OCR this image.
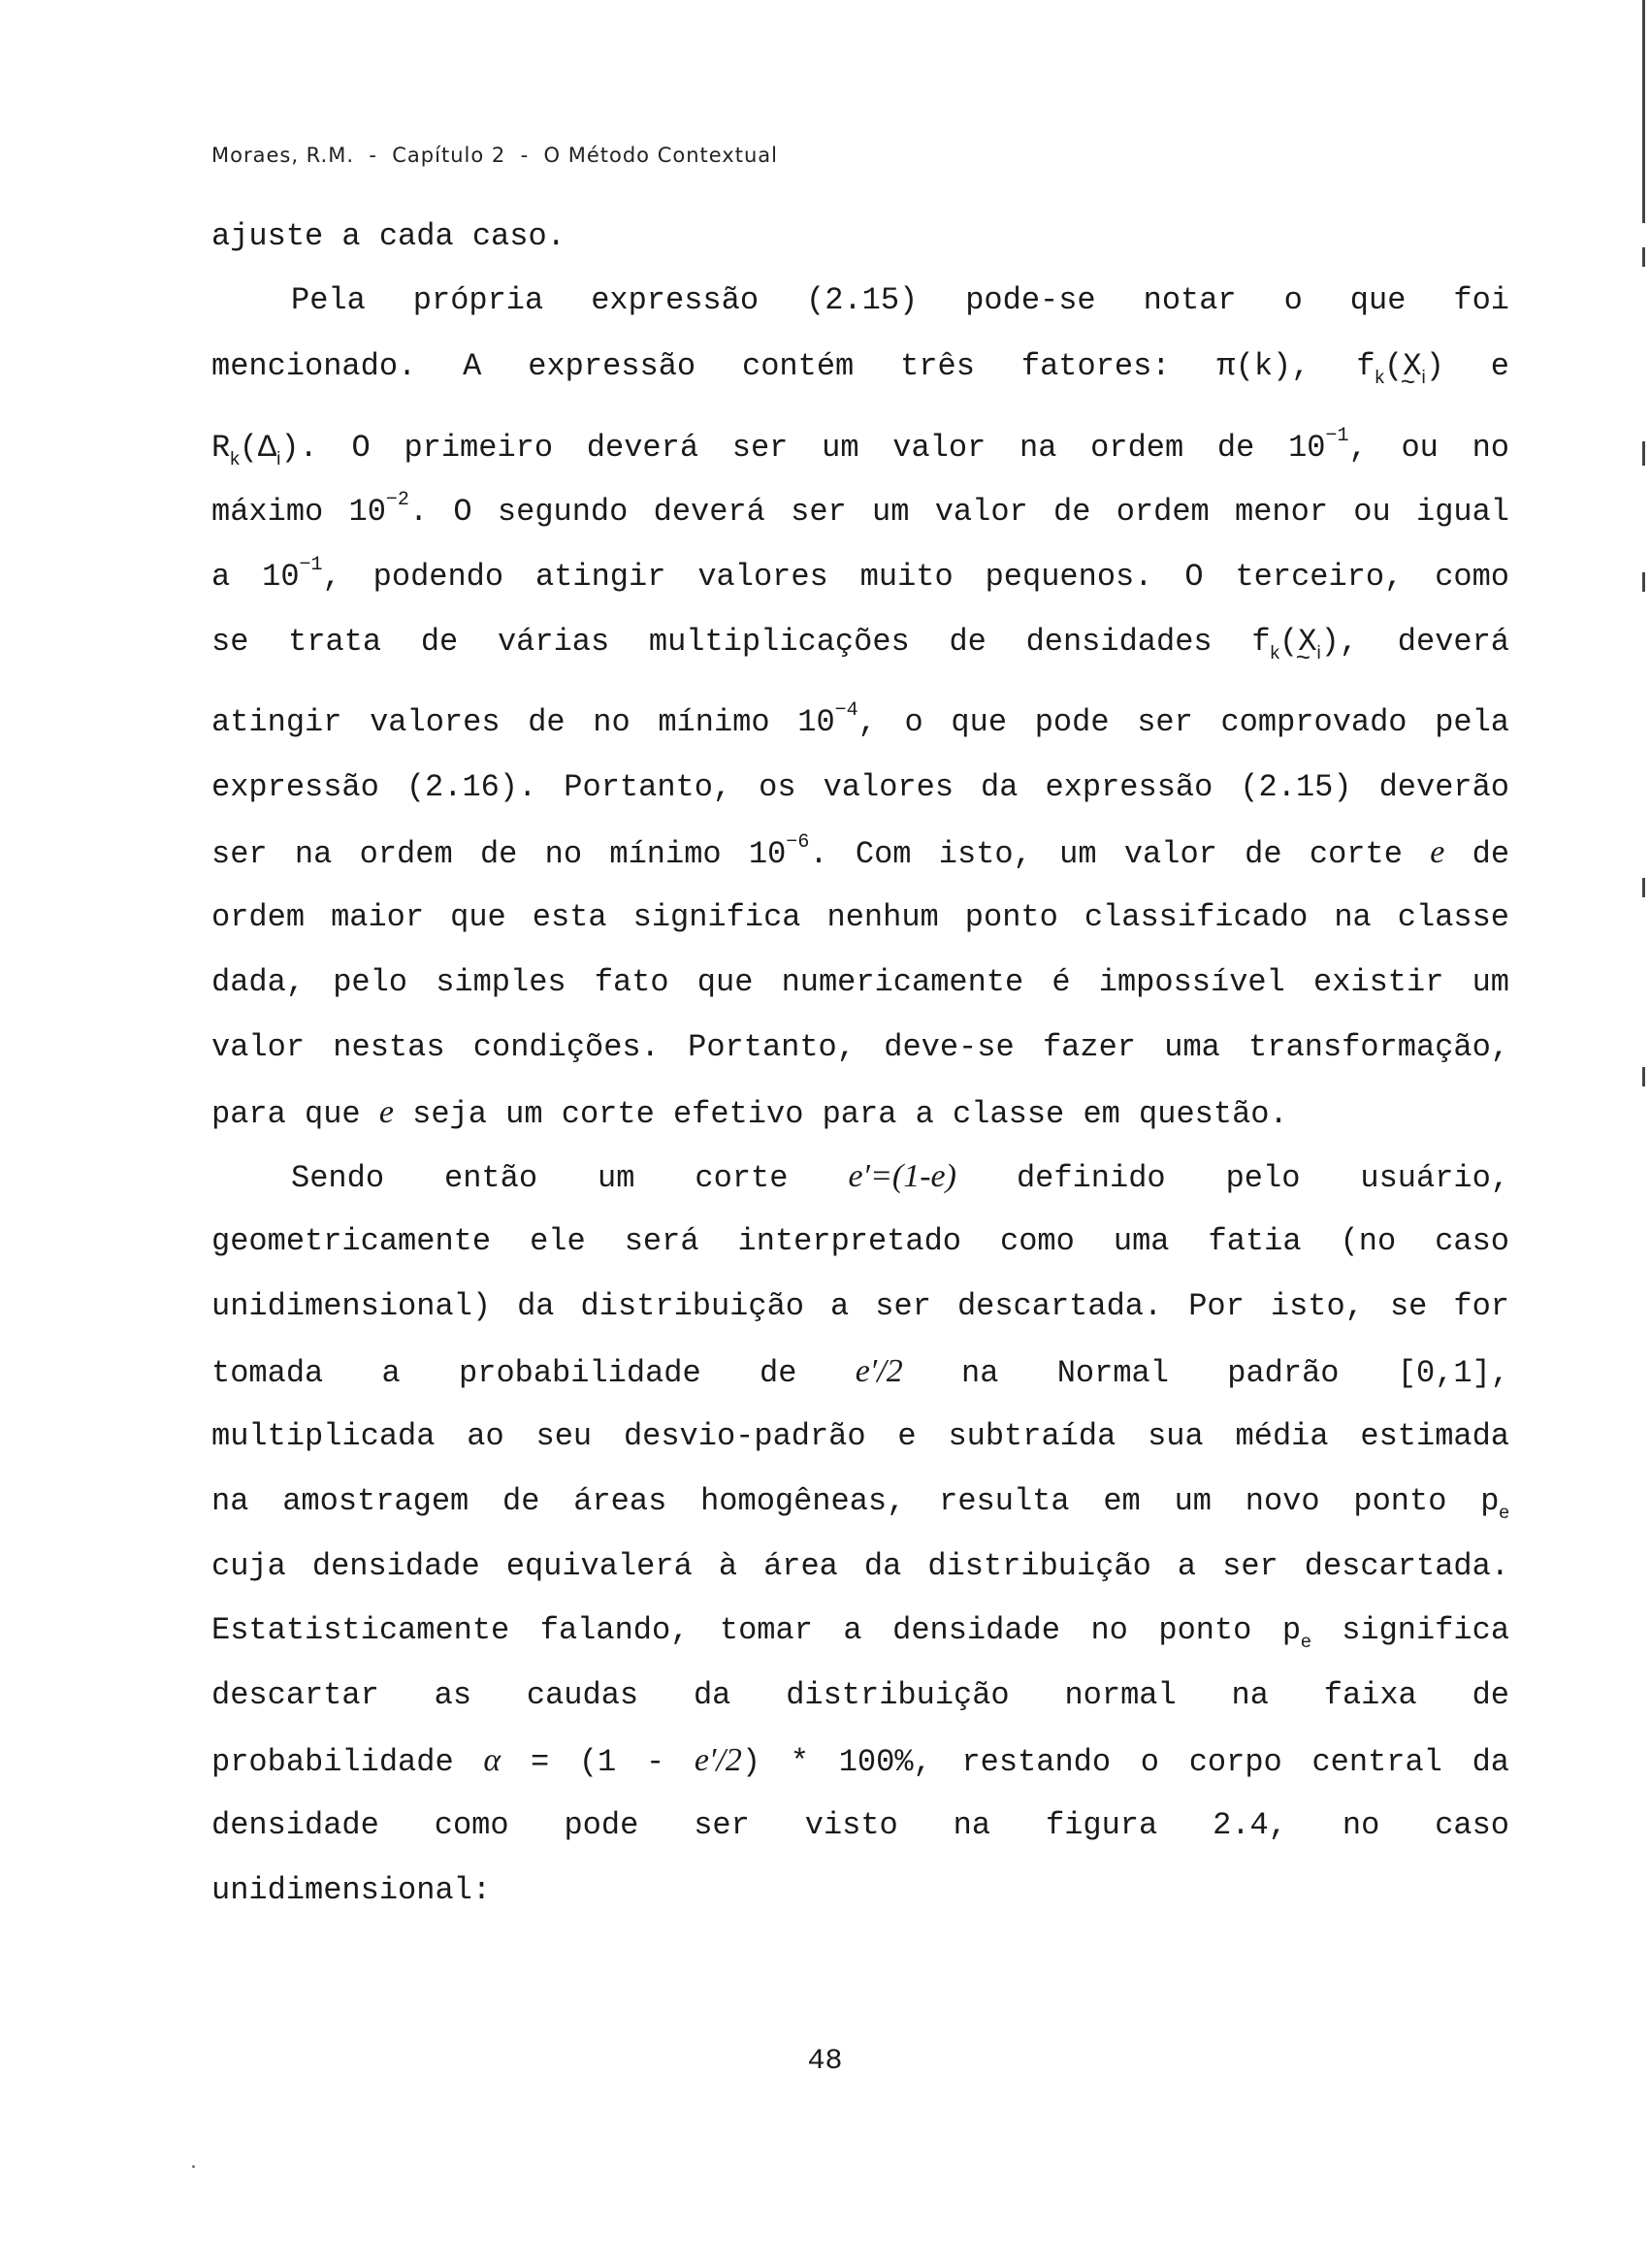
Moraes, R.M.  -  Capítulo 2  -  O Método Contextual
ajuste a cada caso.
Pela própria expressão (2.15) pode-se notar o que foi
mencionado. A expressão contém três fatores: π(k), $f_k(X_i$ ~) e
$R_k(\Delta_i)$. O primeiro deverá ser um valor na ordem de $10^{-1}$, ou no
máximo $10^{-2}$. O segundo deverá ser um valor de ordem menor ou igual
a $10^{-1}$, podendo atingir valores muito pequenos. O terceiro, como
se trata de várias multiplicações de densidades $f_k(X_i$ ~), deverá
atingir valores de no mínimo $10^{-4}$, o que pode ser comprovado pela
expressão (2.16). Portanto, os valores da expressão (2.15) deverão
ser na ordem de no mínimo $10^{-6}$. Com isto, um valor de corte e de
ordem maior que esta significa nenhum ponto classificado na classe
dada, pelo simples fato que numericamente é impossível existir um
valor nestas condições. Portanto, deve-se fazer uma transformação,
para que e seja um corte efetivo para a classe em questão.
Sendo então um corte e′=(1-e) definido pelo usuário,
geometricamente ele será interpretado como uma fatia (no caso
unidimensional) da distribuição a ser descartada. Por isto, se for
tomada a probabilidade de e′/2 na Normal padrão [0,1],
multiplicada ao seu desvio-padrão e subtraída sua média estimada
na amostragem de áreas homogêneas, resulta em um novo ponto $p_e$
cuja densidade equivalerá à área da distribuição a ser descartada.
Estatisticamente falando, tomar a densidade no ponto $p_e$ significa
descartar as caudas da distribuição normal na faixa de
probabilidade α = (1 - e′/2) * 100%, restando o corpo central da
densidade como pode ser visto na figura 2.4, no caso
unidimensional:
48
